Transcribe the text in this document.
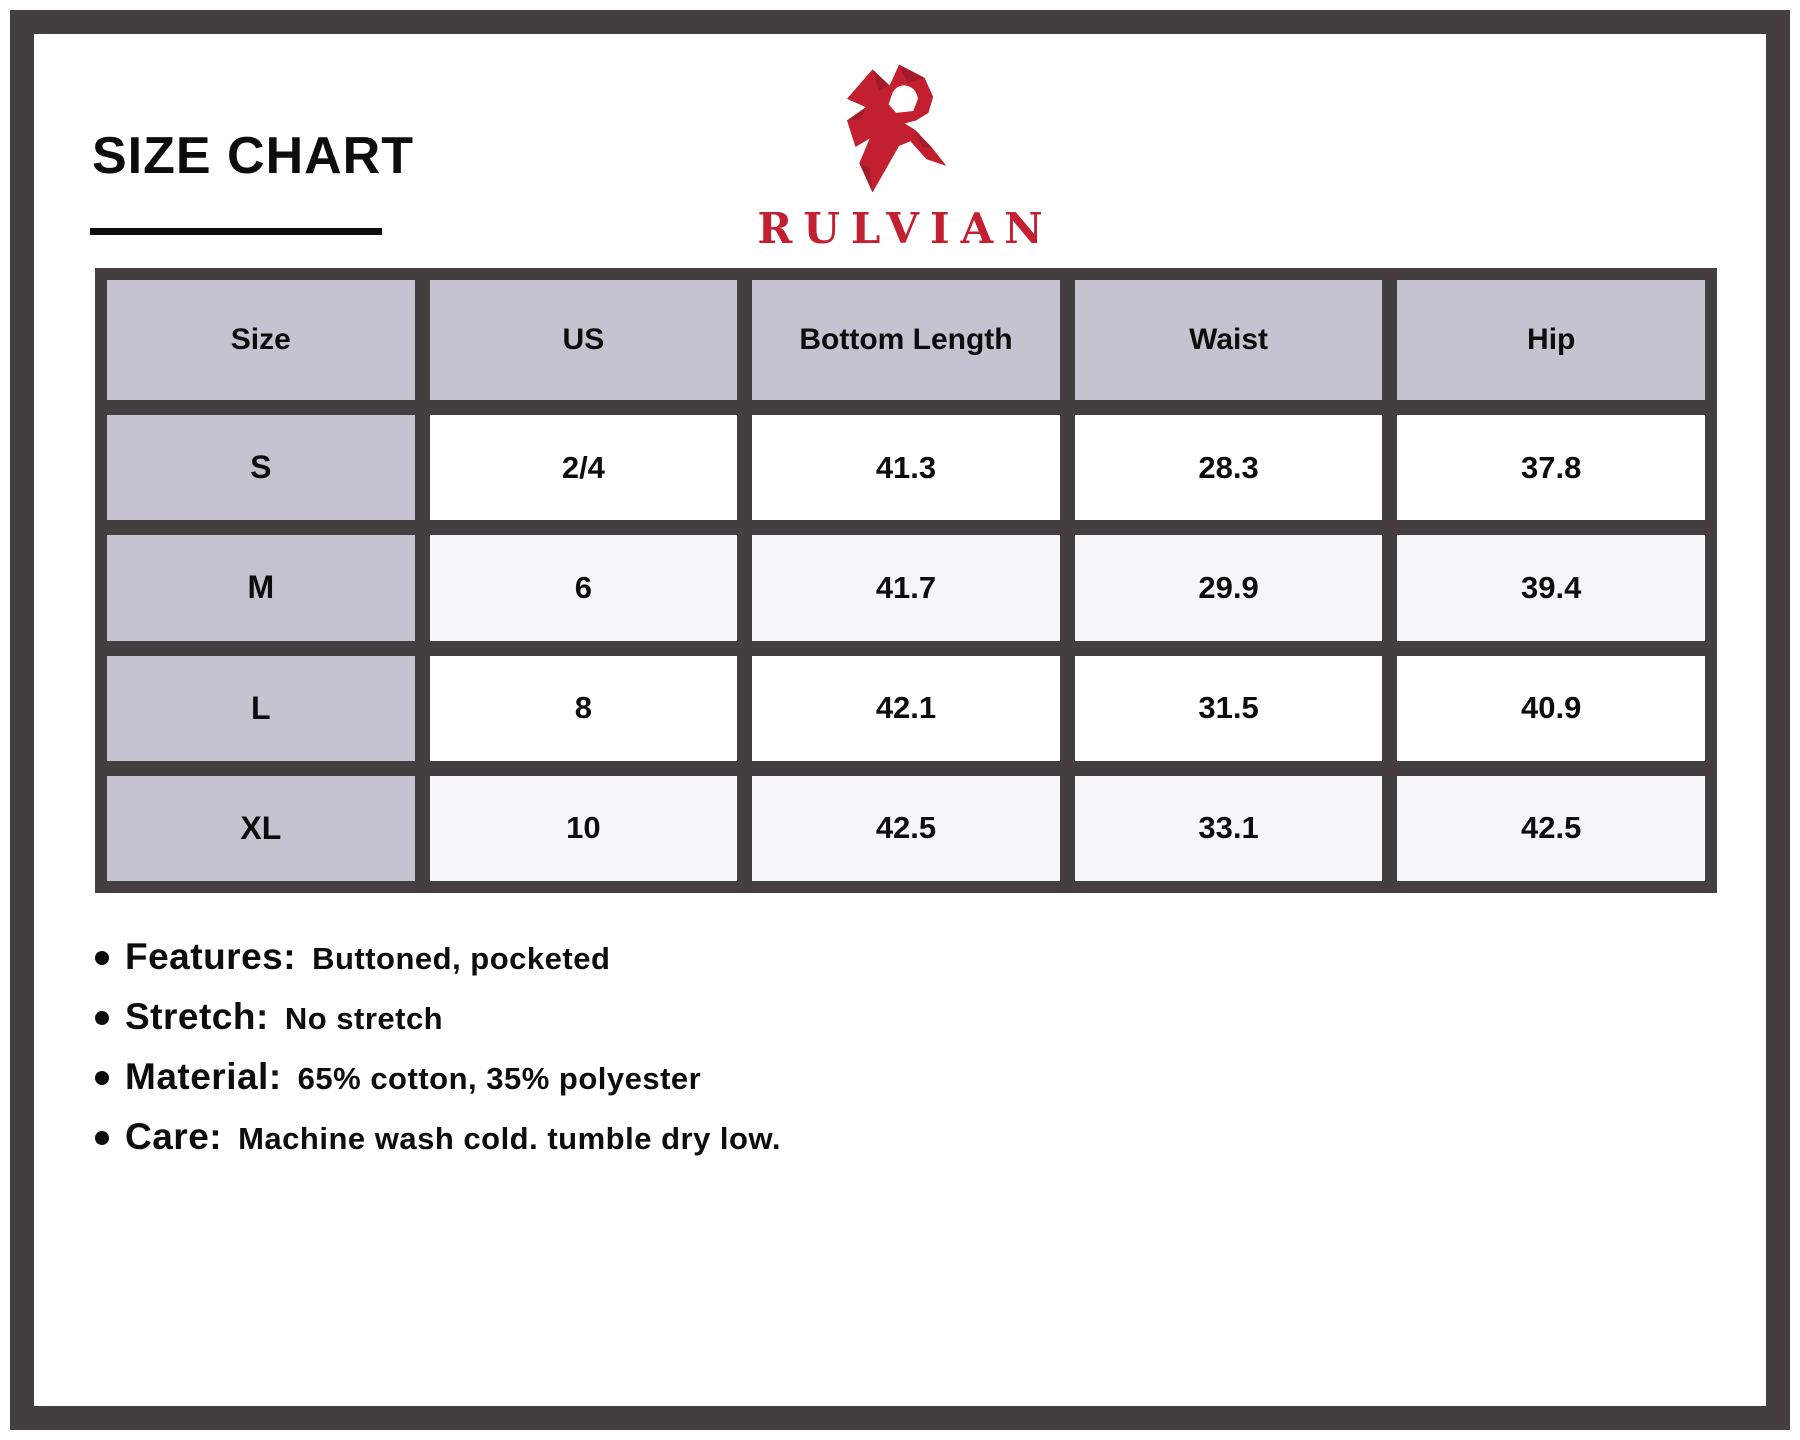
SIZE CHART
RULVIAN
Size	US	Bottom Length	Waist	Hip
S	2/4	41.3	28.3	37.8
M	6	41.7	29.9	39.4
L	8	42.1	31.5	40.9
XL	10	42.5	33.1	42.5
Features: Buttoned, pocketed
Stretch: No stretch
Material: 65% cotton, 35% polyester
Care: Machine wash cold. tumble dry low.
